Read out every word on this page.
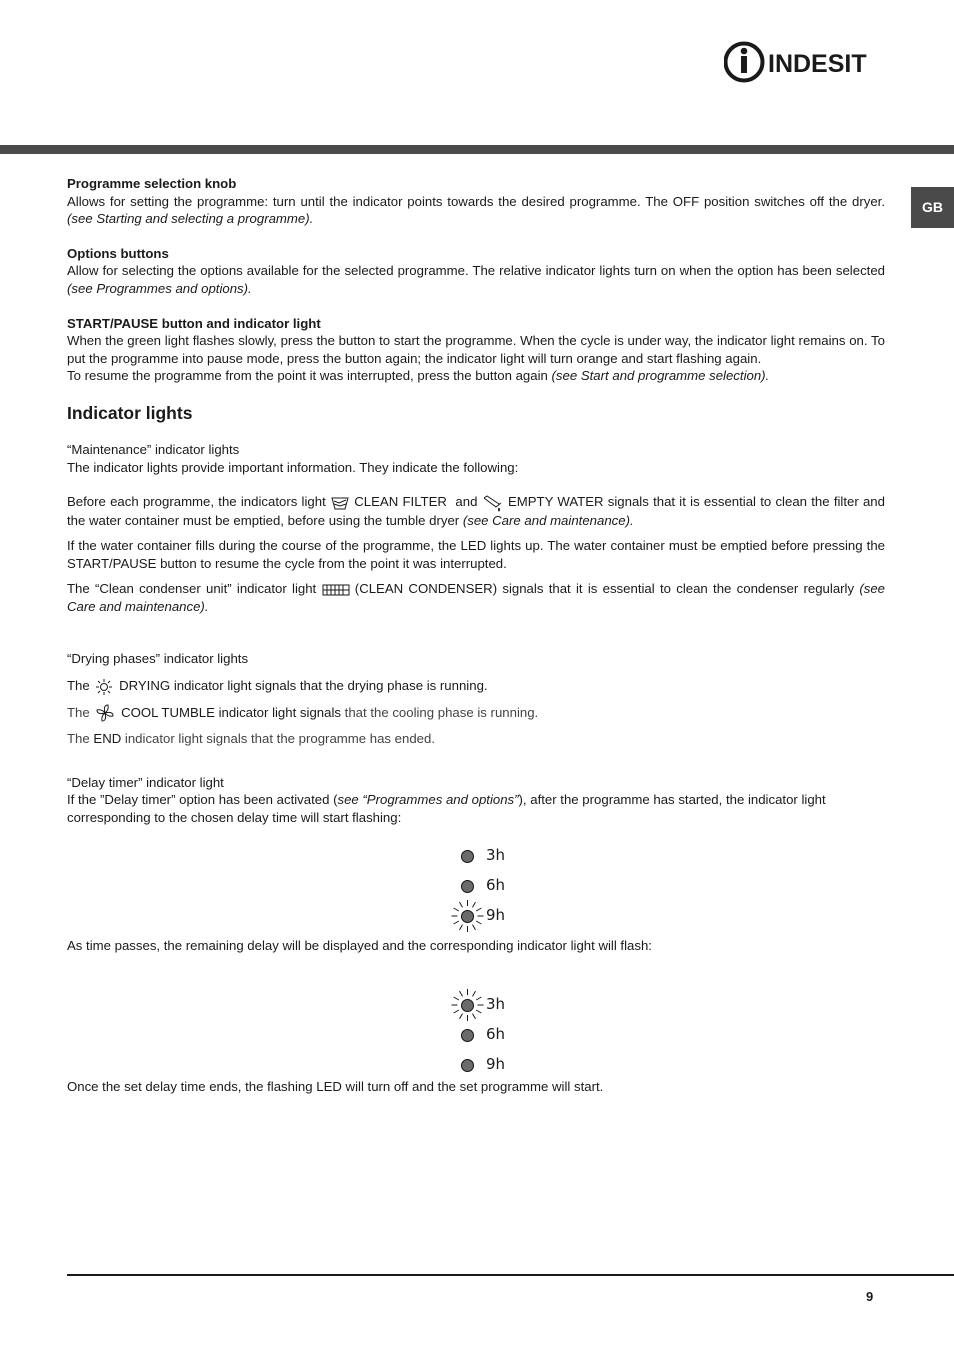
INDESIT
GB

Programme selection knob

Allows for setting the programme: turn until the indicator points towards the desired programme. The OFF position switches off the dryer. (see Starting and selecting a programme).

Options buttons

Allow for selecting the options available for the selected programme. The relative indicator lights turn on when the option has been selected (see Programmes and options).

START/PAUSE button and indicator light

When the green light flashes slowly, press the button to start the programme. When the cycle is under way, the indicator light remains on. To put the programme into pause mode, press the button again; the indicator light will turn orange and start flashing again.

To resume the programme from the point it was interrupted, press the button again (see Start and programme selection).

Indicator lights

“Maintenance” indicator lights

The indicator lights provide important information. They indicate the following:

Before each programme, the indicators light CLEAN FILTER and EMPTY WATER signals that it is essential to clean the filter and the water container must be emptied, before using the tumble dryer (see Care and maintenance).

If the water container fills during the course of the programme, the LED lights up. The water container must be emptied before pressing the START/PAUSE button to resume the cycle from the point it was interrupted.

The “Clean condenser unit” indicator light	(CLEAN CONDENSER) signals that it is essential to clean the condenser regularly (see Care and maintenance).

“Drying phases” indicator lights

The DRYING indicator light signals that the drying phase is running.

The COOL TUMBLE indicator light signals that the cooling phase is running.

The END indicator light signals that the programme has ended.

“Delay timer” indicator light

If the ”Delay timer” option has been activated (see “Programmes and options”), after the programme has started, the indicator light corresponding to the chosen delay time will start flashing:

3h
6h
9h

As time passes, the remaining delay will be displayed and the corresponding indicator light will flash:

3h
6h
9h

Once the set delay time ends, the flashing LED will turn off and the set programme will start.

9
